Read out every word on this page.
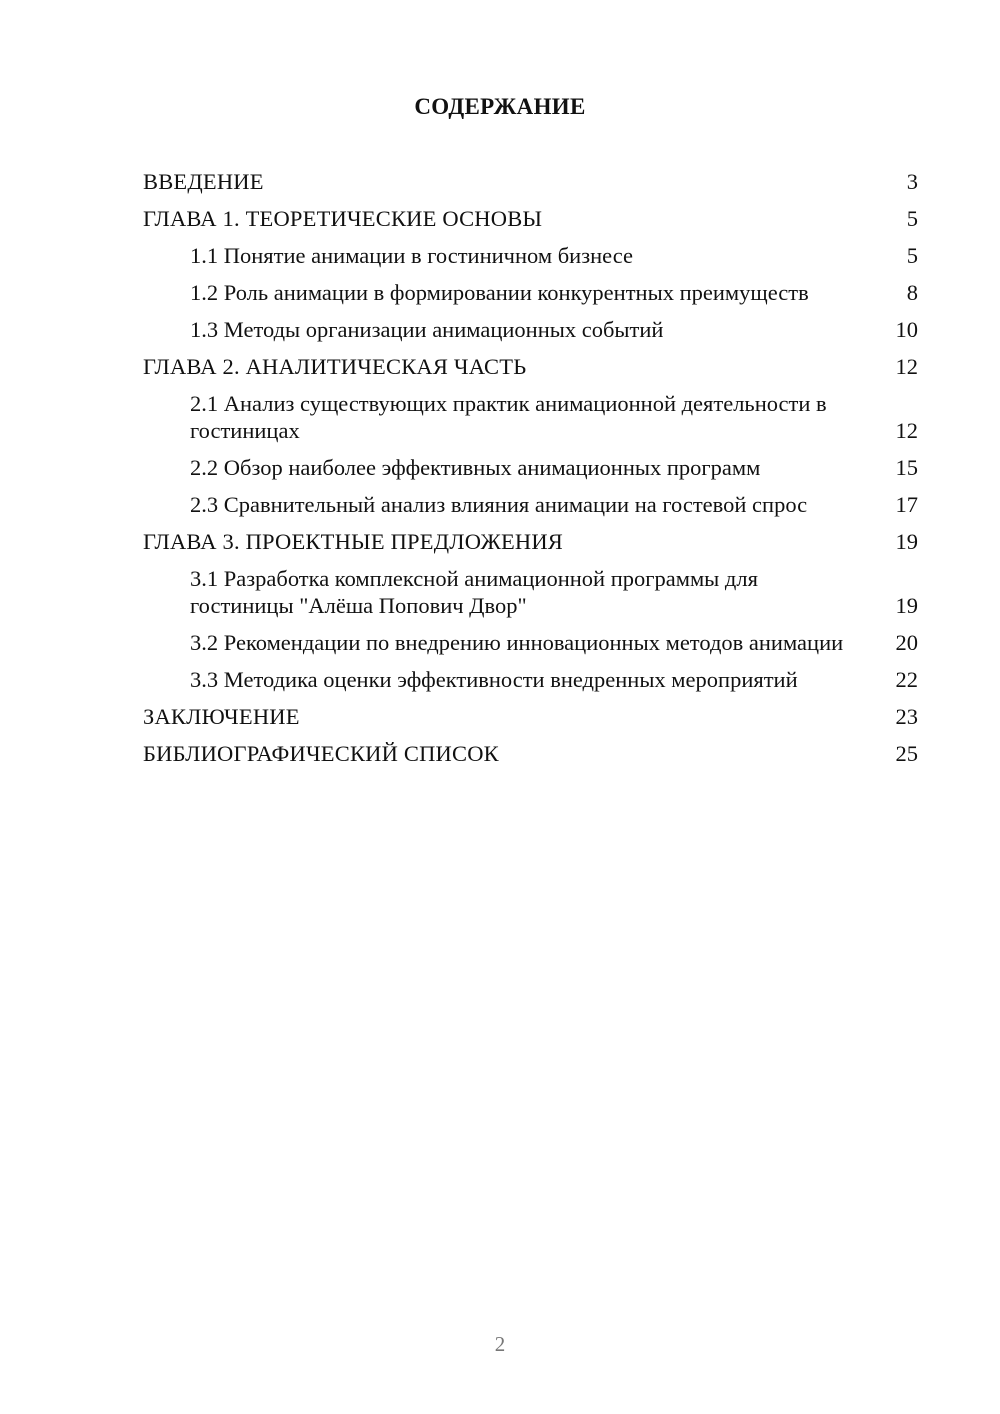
СОДЕРЖАНИЕ
ВВЕДЕНИЕ	3
ГЛАВА 1. ТЕОРЕТИЧЕСКИЕ ОСНОВЫ	5
1.1 Понятие анимации в гостиничном бизнесе	5
1.2 Роль анимации в формировании конкурентных преимуществ	8
1.3 Методы организации анимационных событий	10
ГЛАВА 2. АНАЛИТИЧЕСКАЯ ЧАСТЬ	12
2.1 Анализ существующих практик анимационной деятельности в гостиницах	12
2.2 Обзор наиболее эффективных анимационных программ	15
2.3 Сравнительный анализ влияния анимации на гостевой спрос	17
ГЛАВА 3. ПРОЕКТНЫЕ ПРЕДЛОЖЕНИЯ	19
3.1 Разработка комплексной анимационной программы для гостиницы "Алёша Попович Двор"	19
3.2 Рекомендации по внедрению инновационных методов анимации	20
3.3 Методика оценки эффективности внедренных мероприятий	22
ЗАКЛЮЧЕНИЕ	23
БИБЛИОГРАФИЧЕСКИЙ СПИСОК	25
2
